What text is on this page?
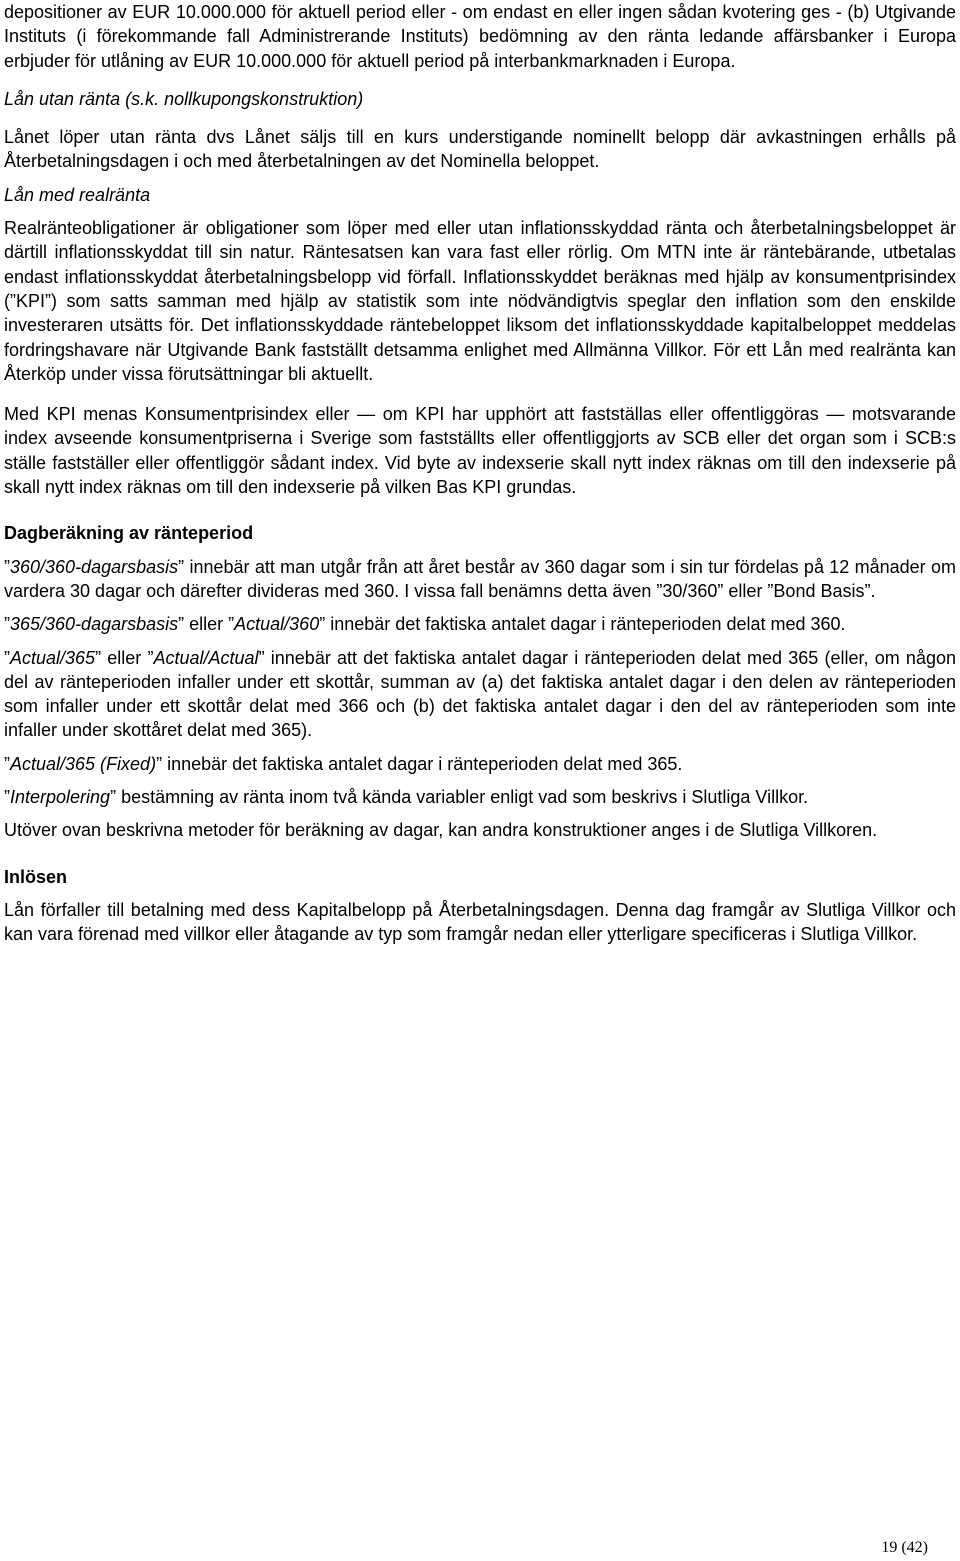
depositioner av EUR 10.000.000 för aktuell period eller - om endast en eller ingen sådan kvotering ges - (b) Utgivande Instituts (i förekommande fall Administrerande Instituts) bedömning av den ränta ledande affärsbanker i Europa erbjuder för utlåning av EUR 10.000.000 för aktuell period på interbankmarknaden i Europa.

Lån utan ränta (s.k. nollkupongskonstruktion)

Lånet löper utan ränta dvs Lånet säljs till en kurs understigande nominellt belopp där avkastningen erhålls på Återbetalningsdagen i och med återbetalningen av det Nominella beloppet.

Lån med realränta

Realränteobligationer är obligationer som löper med eller utan inflationsskyddad ränta och återbetalningsbeloppet är därtill inflationsskyddat till sin natur. Räntesatsen kan vara fast eller rörlig. Om MTN inte är räntebärande, utbetalas endast inflationsskyddat återbetalningsbelopp vid förfall. Inflationsskyddet beräknas med hjälp av konsumentprisindex (”KPI”) som satts samman med hjälp av statistik som inte nödvändigtvis speglar den inflation som den enskilde investeraren utsätts för. Det inflationsskyddade räntebeloppet liksom det inflationsskyddade kapitalbeloppet meddelas fordringshavare när Utgivande Bank fastställt detsamma enlighet med Allmänna Villkor. För ett Lån med realränta kan Återköp under vissa förutsättningar bli aktuellt.

Med KPI menas Konsumentprisindex eller — om KPI har upphört att fastställas eller offentliggöras — motsvarande index avseende konsumentpriserna i Sverige som fastställts eller offentliggjorts av SCB eller det organ som i SCB:s ställe fastställer eller offentliggör sådant index. Vid byte av indexserie skall nytt index räknas om till den indexserie på skall nytt index räknas om till den indexserie på vilken Bas KPI grundas.

Dagberäkning av ränteperiod

”360/360-dagarsbasis” innebär att man utgår från att året består av 360 dagar som i sin tur fördelas på 12 månader om vardera 30 dagar och därefter divideras med 360. I vissa fall benämns detta även ”30/360” eller ”Bond Basis”.

”365/360-dagarsbasis” eller ”Actual/360” innebär det faktiska antalet dagar i ränteperioden delat med 360.

”Actual/365” eller ”Actual/Actual” innebär att det faktiska antalet dagar i ränteperioden delat med 365 (eller, om någon del av ränteperioden infaller under ett skottår, summan av (a) det faktiska antalet dagar i den delen av ränteperioden som infaller under ett skottår delat med 366 och (b) det faktiska antalet dagar i den del av ränteperioden som inte infaller under skottåret delat med 365).

”Actual/365 (Fixed)” innebär det faktiska antalet dagar i ränteperioden delat med 365.

”Interpolering” bestämning av ränta inom två kända variabler enligt vad som beskrivs i Slutliga Villkor.

Utöver ovan beskrivna metoder för beräkning av dagar, kan andra konstruktioner anges i de Slutliga Villkoren.

Inlösen

Lån förfaller till betalning med dess Kapitalbelopp på Återbetalningsdagen. Denna dag framgår av Slutliga Villkor och kan vara förenad med villkor eller åtagande av typ som framgår nedan eller ytterligare specificeras i Slutliga Villkor.

19 (42)
